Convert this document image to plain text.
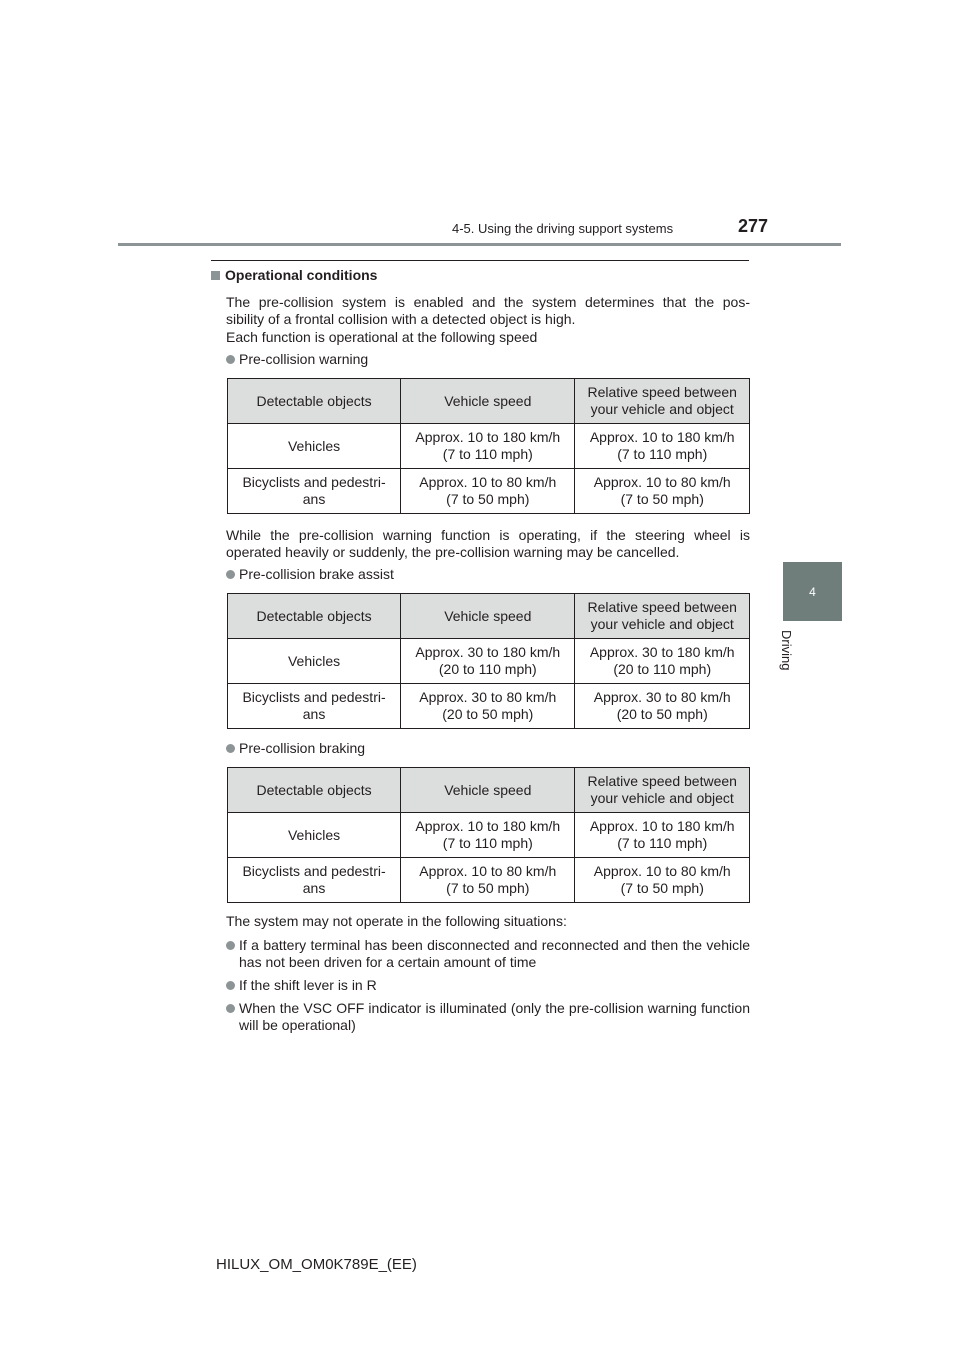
4-5. Using the driving support systems	277
4
Driving
Operational conditions
The pre-collision system is enabled and the system determines that the pos-
sibility of a frontal collision with a detected object is high.
Each function is operational at the following speed
Pre-collision warning
Detectable objects	Vehicle speed	Relative speed between
your vehicle and object
Vehicles	Approx. 10 to 180 km/h
(7 to 110 mph)	Approx. 10 to 180 km/h
(7 to 110 mph)
Bicyclists and pedestri-
ans	Approx. 10 to 80 km/h
(7 to 50 mph)	Approx. 10 to 80 km/h
(7 to 50 mph)
While the pre-collision warning function is operating, if the steering wheel is operated heavily or suddenly, the pre-collision warning may be cancelled.
Pre-collision brake assist
Detectable objects	Vehicle speed	Relative speed between
your vehicle and object
Vehicles	Approx. 30 to 180 km/h
(20 to 110 mph)	Approx. 30 to 180 km/h
(20 to 110 mph)
Bicyclists and pedestri-
ans	Approx. 30 to 80 km/h
(20 to 50 mph)	Approx. 30 to 80 km/h
(20 to 50 mph)
Pre-collision braking
Detectable objects	Vehicle speed	Relative speed between
your vehicle and object
Vehicles	Approx. 10 to 180 km/h
(7 to 110 mph)	Approx. 10 to 180 km/h
(7 to 110 mph)
Bicyclists and pedestri-
ans	Approx. 10 to 80 km/h
(7 to 50 mph)	Approx. 10 to 80 km/h
(7 to 50 mph)
The system may not operate in the following situations:
If a battery terminal has been disconnected and reconnected and then the vehicle has not been driven for a certain amount of time
If the shift lever is in R
When the VSC OFF indicator is illuminated (only the pre-collision warning function will be operational)
HILUX_OM_OM0K789E_(EE)
